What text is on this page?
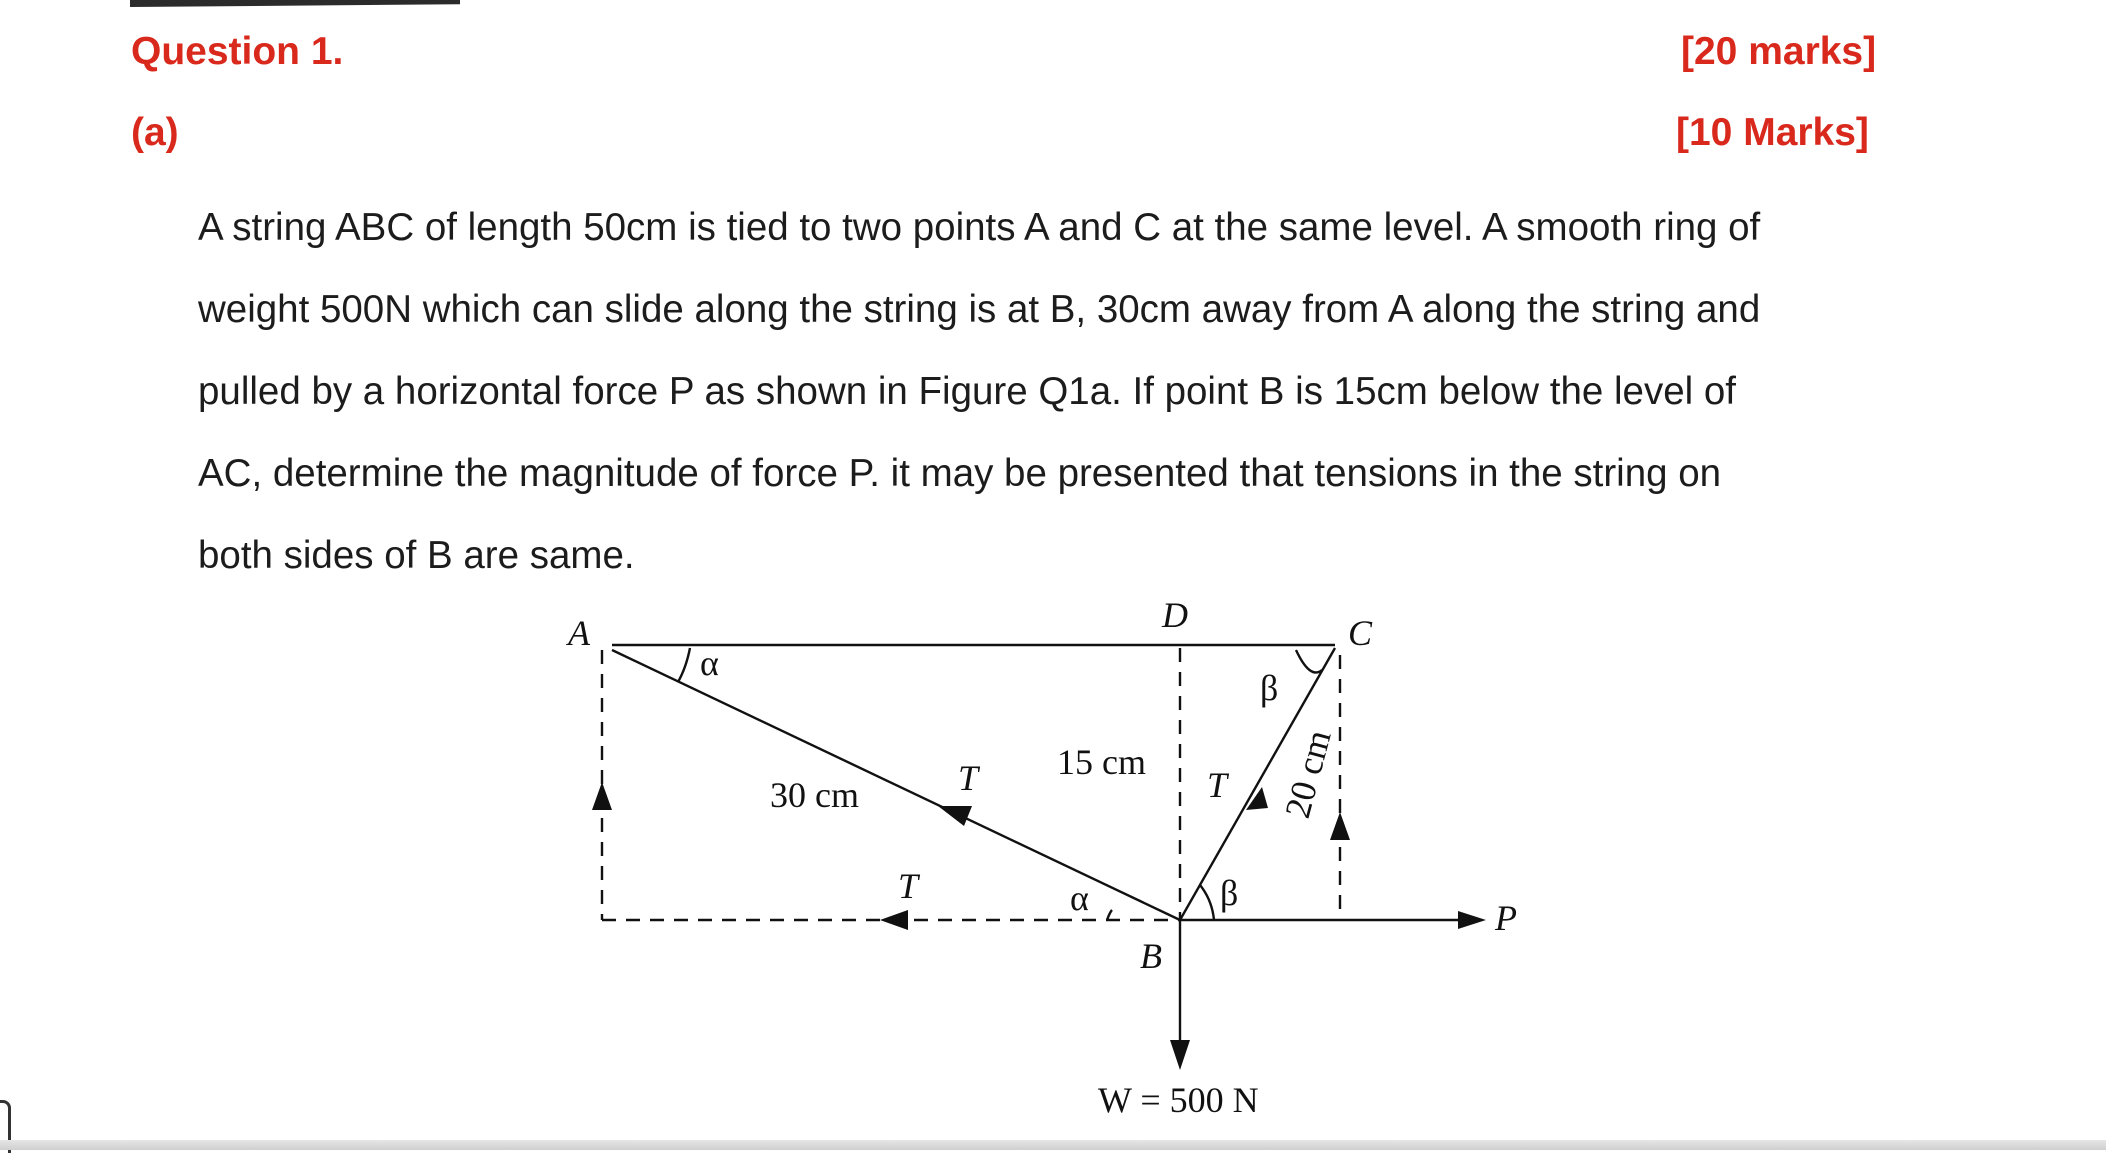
Question 1.	[20 marks]
(a)	[10 Marks]

A string ABC of length 50cm is tied to two points A and C at the same level. A smooth ring of

weight 500N which can slide along the string is at B, 30cm away from A along the string and

pulled by a horizontal force P as shown in Figure Q1a. If point B is 15cm below the level of

AC, determine the magnitude of force P. it may be presented that tensions in the string on

both sides of B are same.

A	C
D
B
α
α
β
β
30 cm
15 cm	20 cm
T	T
T
P
W = 500 N
